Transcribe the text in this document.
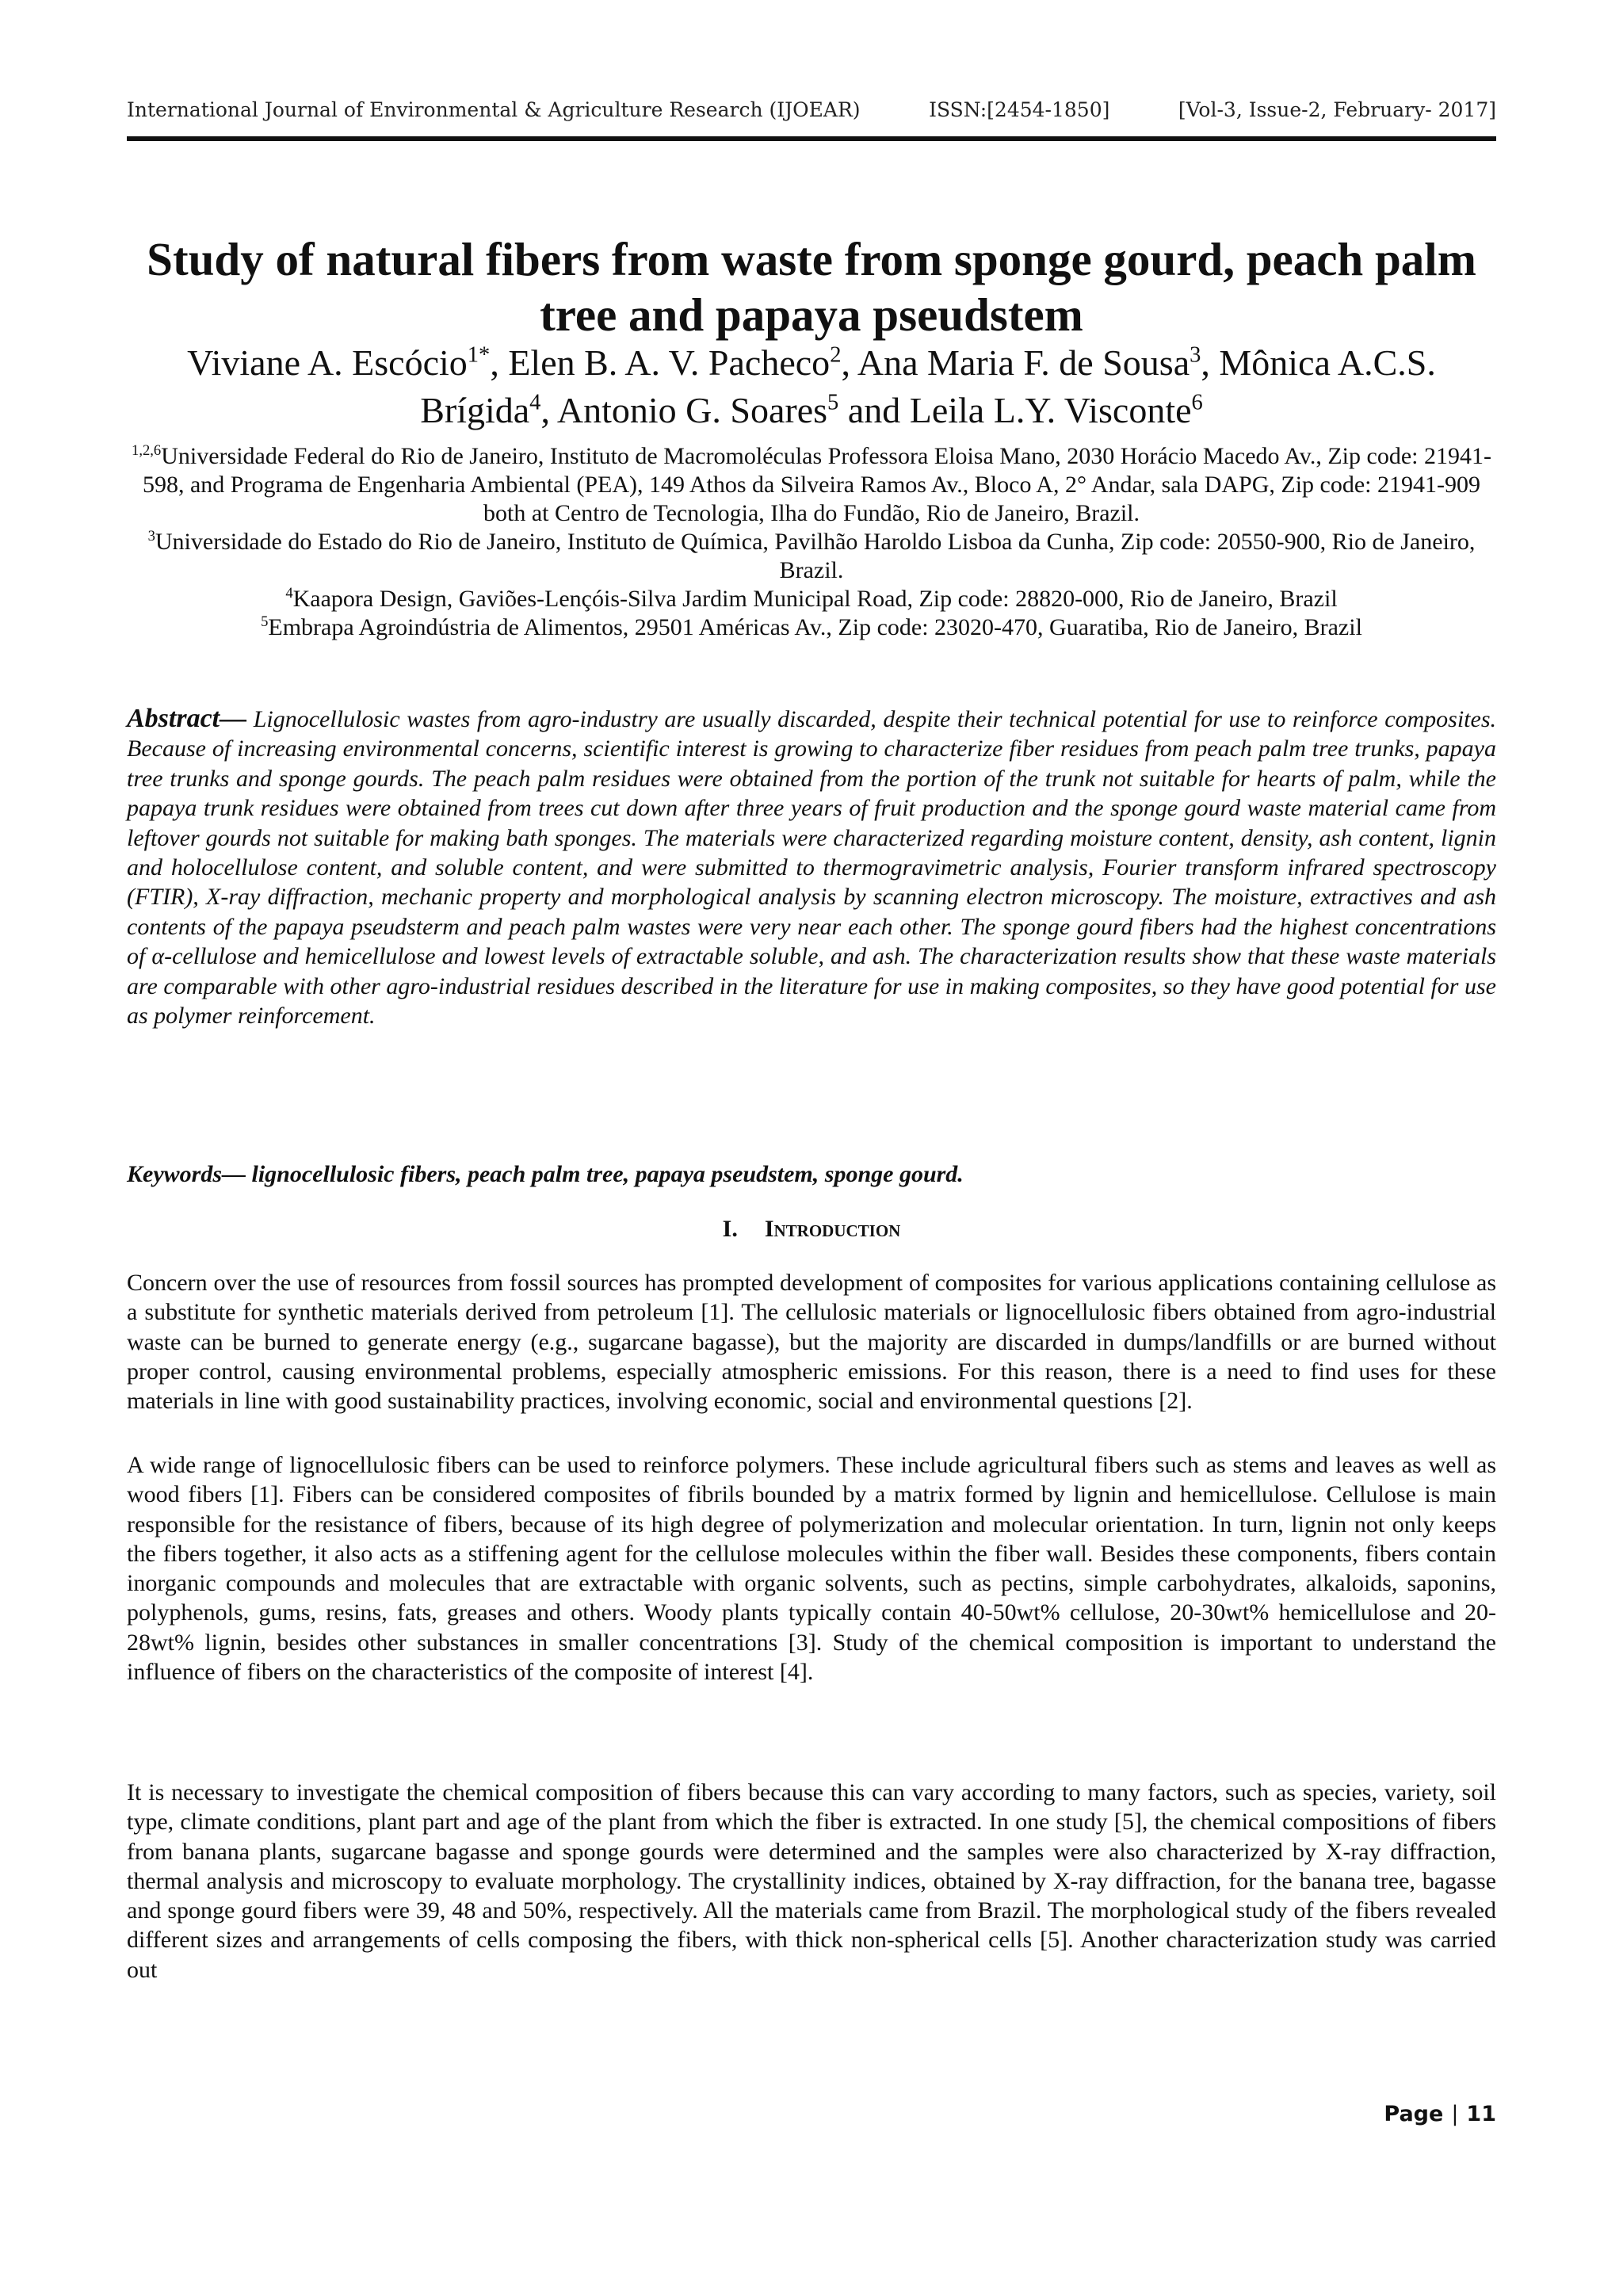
International Journal of Environmental & Agriculture Research (IJOEAR)	ISSN:[2454-1850]	[Vol-3, Issue-2, February- 2017]
Study of natural fibers from waste from sponge gourd, peach palm tree and papaya pseudstem

Viviane A. Escócio$^{1*}$, Elen B. A. V. Pacheco$^2$, Ana Maria F. de Sousa$^3$, Mônica A.C.S. Brígida$^4$, Antonio G. Soares$^5$ and Leila L.Y. Visconte$^6$

$^{1,2,6}$Universidade Federal do Rio de Janeiro, Instituto de Macromoléculas Professora Eloisa Mano, 2030 Horácio Macedo Av., Zip code: 21941-598, and Programa de Engenharia Ambiental (PEA), 149 Athos da Silveira Ramos Av., Bloco A, 2° Andar, sala DAPG, Zip code: 21941-909 both at Centro de Tecnologia, Ilha do Fundão, Rio de Janeiro, Brazil.

$^3$Universidade do Estado do Rio de Janeiro, Instituto de Química, Pavilhão Haroldo Lisboa da Cunha, Zip code: 20550-900, Rio de Janeiro, Brazil.

$^4$Kaapora Design, Gaviões-Lençóis-Silva Jardim Municipal Road, Zip code: 28820-000, Rio de Janeiro, Brazil

$^5$Embrapa Agroindústria de Alimentos, 29501 Américas Av., Zip code: 23020-470, Guaratiba, Rio de Janeiro, Brazil

Abstract— Lignocellulosic wastes from agro-industry are usually discarded, despite their technical potential for use to reinforce composites. Because of increasing environmental concerns, scientific interest is growing to characterize fiber residues from peach palm tree trunks, papaya tree trunks and sponge gourds. The peach palm residues were obtained from the portion of the trunk not suitable for hearts of palm, while the papaya trunk residues were obtained from trees cut down after three years of fruit production and the sponge gourd waste material came from leftover gourds not suitable for making bath sponges. The materials were characterized regarding moisture content, density, ash content, lignin and holocellulose content, and soluble content, and were submitted to thermogravimetric analysis, Fourier transform infrared spectroscopy (FTIR), X-ray diffraction, mechanic property and morphological analysis by scanning electron microscopy. The moisture, extractives and ash contents of the papaya pseudsterm and peach palm wastes were very near each other. The sponge gourd fibers had the highest concentrations of α-cellulose and hemicellulose and lowest levels of extractable soluble, and ash. The characterization results show that these waste materials are comparable with other agro-industrial residues described in the literature for use in making composites, so they have good potential for use as polymer reinforcement.

Keywords— lignocellulosic fibers, peach palm tree, papaya pseudstem, sponge gourd.

I. Introduction

Concern over the use of resources from fossil sources has prompted development of composites for various applications containing cellulose as a substitute for synthetic materials derived from petroleum [1]. The cellulosic materials or lignocellulosic fibers obtained from agro-industrial waste can be burned to generate energy (e.g., sugarcane bagasse), but the majority are discarded in dumps/landfills or are burned without proper control, causing environmental problems, especially atmospheric emissions. For this reason, there is a need to find uses for these materials in line with good sustainability practices, involving economic, social and environmental questions [2].

A wide range of lignocellulosic fibers can be used to reinforce polymers. These include agricultural fibers such as stems and leaves as well as wood fibers [1]. Fibers can be considered composites of fibrils bounded by a matrix formed by lignin and hemicellulose. Cellulose is main responsible for the resistance of fibers, because of its high degree of polymerization and molecular orientation. In turn, lignin not only keeps the fibers together, it also acts as a stiffening agent for the cellulose molecules within the fiber wall. Besides these components, fibers contain inorganic compounds and molecules that are extractable with organic solvents, such as pectins, simple carbohydrates, alkaloids, saponins, polyphenols, gums, resins, fats, greases and others. Woody plants typically contain 40-50wt% cellulose, 20-30wt% hemicellulose and 20-28wt% lignin, besides other substances in smaller concentrations [3]. Study of the chemical composition is important to understand the influence of fibers on the characteristics of the composite of interest [4].

It is necessary to investigate the chemical composition of fibers because this can vary according to many factors, such as species, variety, soil type, climate conditions, plant part and age of the plant from which the fiber is extracted. In one study [5], the chemical compositions of fibers from banana plants, sugarcane bagasse and sponge gourds were determined and the samples were also characterized by X-ray diffraction, thermal analysis and microscopy to evaluate morphology. The crystallinity indices, obtained by X-ray diffraction, for the banana tree, bagasse and sponge gourd fibers were 39, 48 and 50%, respectively. All the materials came from Brazil. The morphological study of the fibers revealed different sizes and arrangements of cells composing the fibers, with thick non-spherical cells [5]. Another characterization study was carried out

Page | 11
